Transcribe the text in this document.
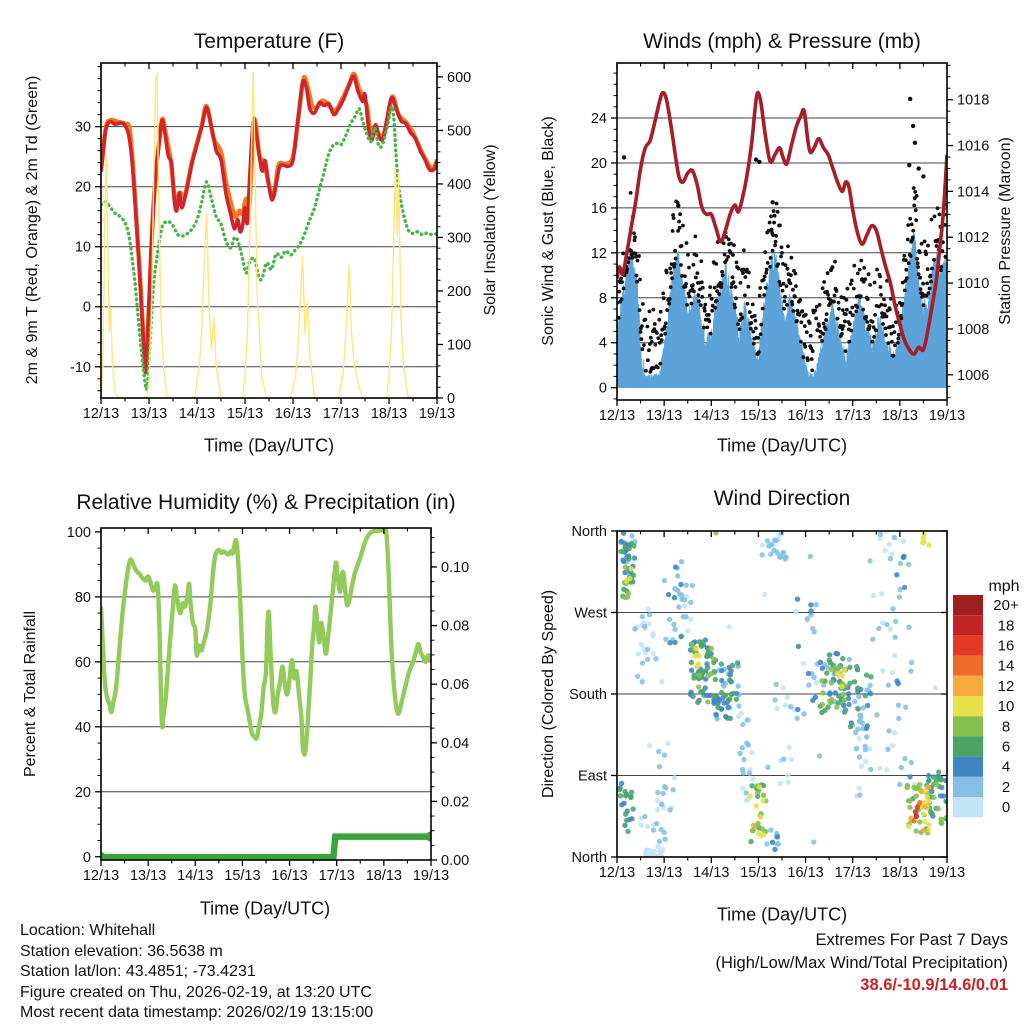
12/13 13/13 14/13 15/13 16/13 17/13 18/13 19/13
30
20
10
0
-10
600
500
400
300
200
100
0
12/13 13/13 14/13 15/13 16/13 17/13 18/13 19/13
0
4
8
12
16
20
24
1018
1016
1014
1012
1010
1008
1006
12/13 13/13 14/13 15/13 16/13 17/13 18/13 19/13
100
80
60
40
20
0
0.10
0.08
0.06
0.04
0.02
0.00
12/13 13/13 14/13 15/13 16/13 17/13 18/13 19/13
North
West
South
East
North
20+
18
16
14
12
10
8
6
4
2
0
Temperature (F)	Winds (mph) & Pressure (mb)
Relative Humidity (%) & Precipitation (in)	Wind Direction
Time (Day/UTC)	Time (Day/UTC)
Time (Day/UTC)	Time (Day/UTC)
2m & 9m T (Red, Orange) & 2m Td (Green)	Solar Insolation (Yellow)	Sonic Wind & Gust (Blue, Black)	Station Pressure (Maroon)
Percent & Total Rainfall	Direction (Colored By Speed)
mph
Location: Whitehall
Station elevation: 36.5638 m
Station lat/lon: 43.4851; -73.4231
Figure created on Thu, 2026-02-19, at 13:20 UTC
Most recent data timestamp: 2026/02/19 13:15:00
Extremes For Past 7 Days
(High/Low/Max Wind/Total Precipitation)
38.6/-10.9/14.6/0.01
